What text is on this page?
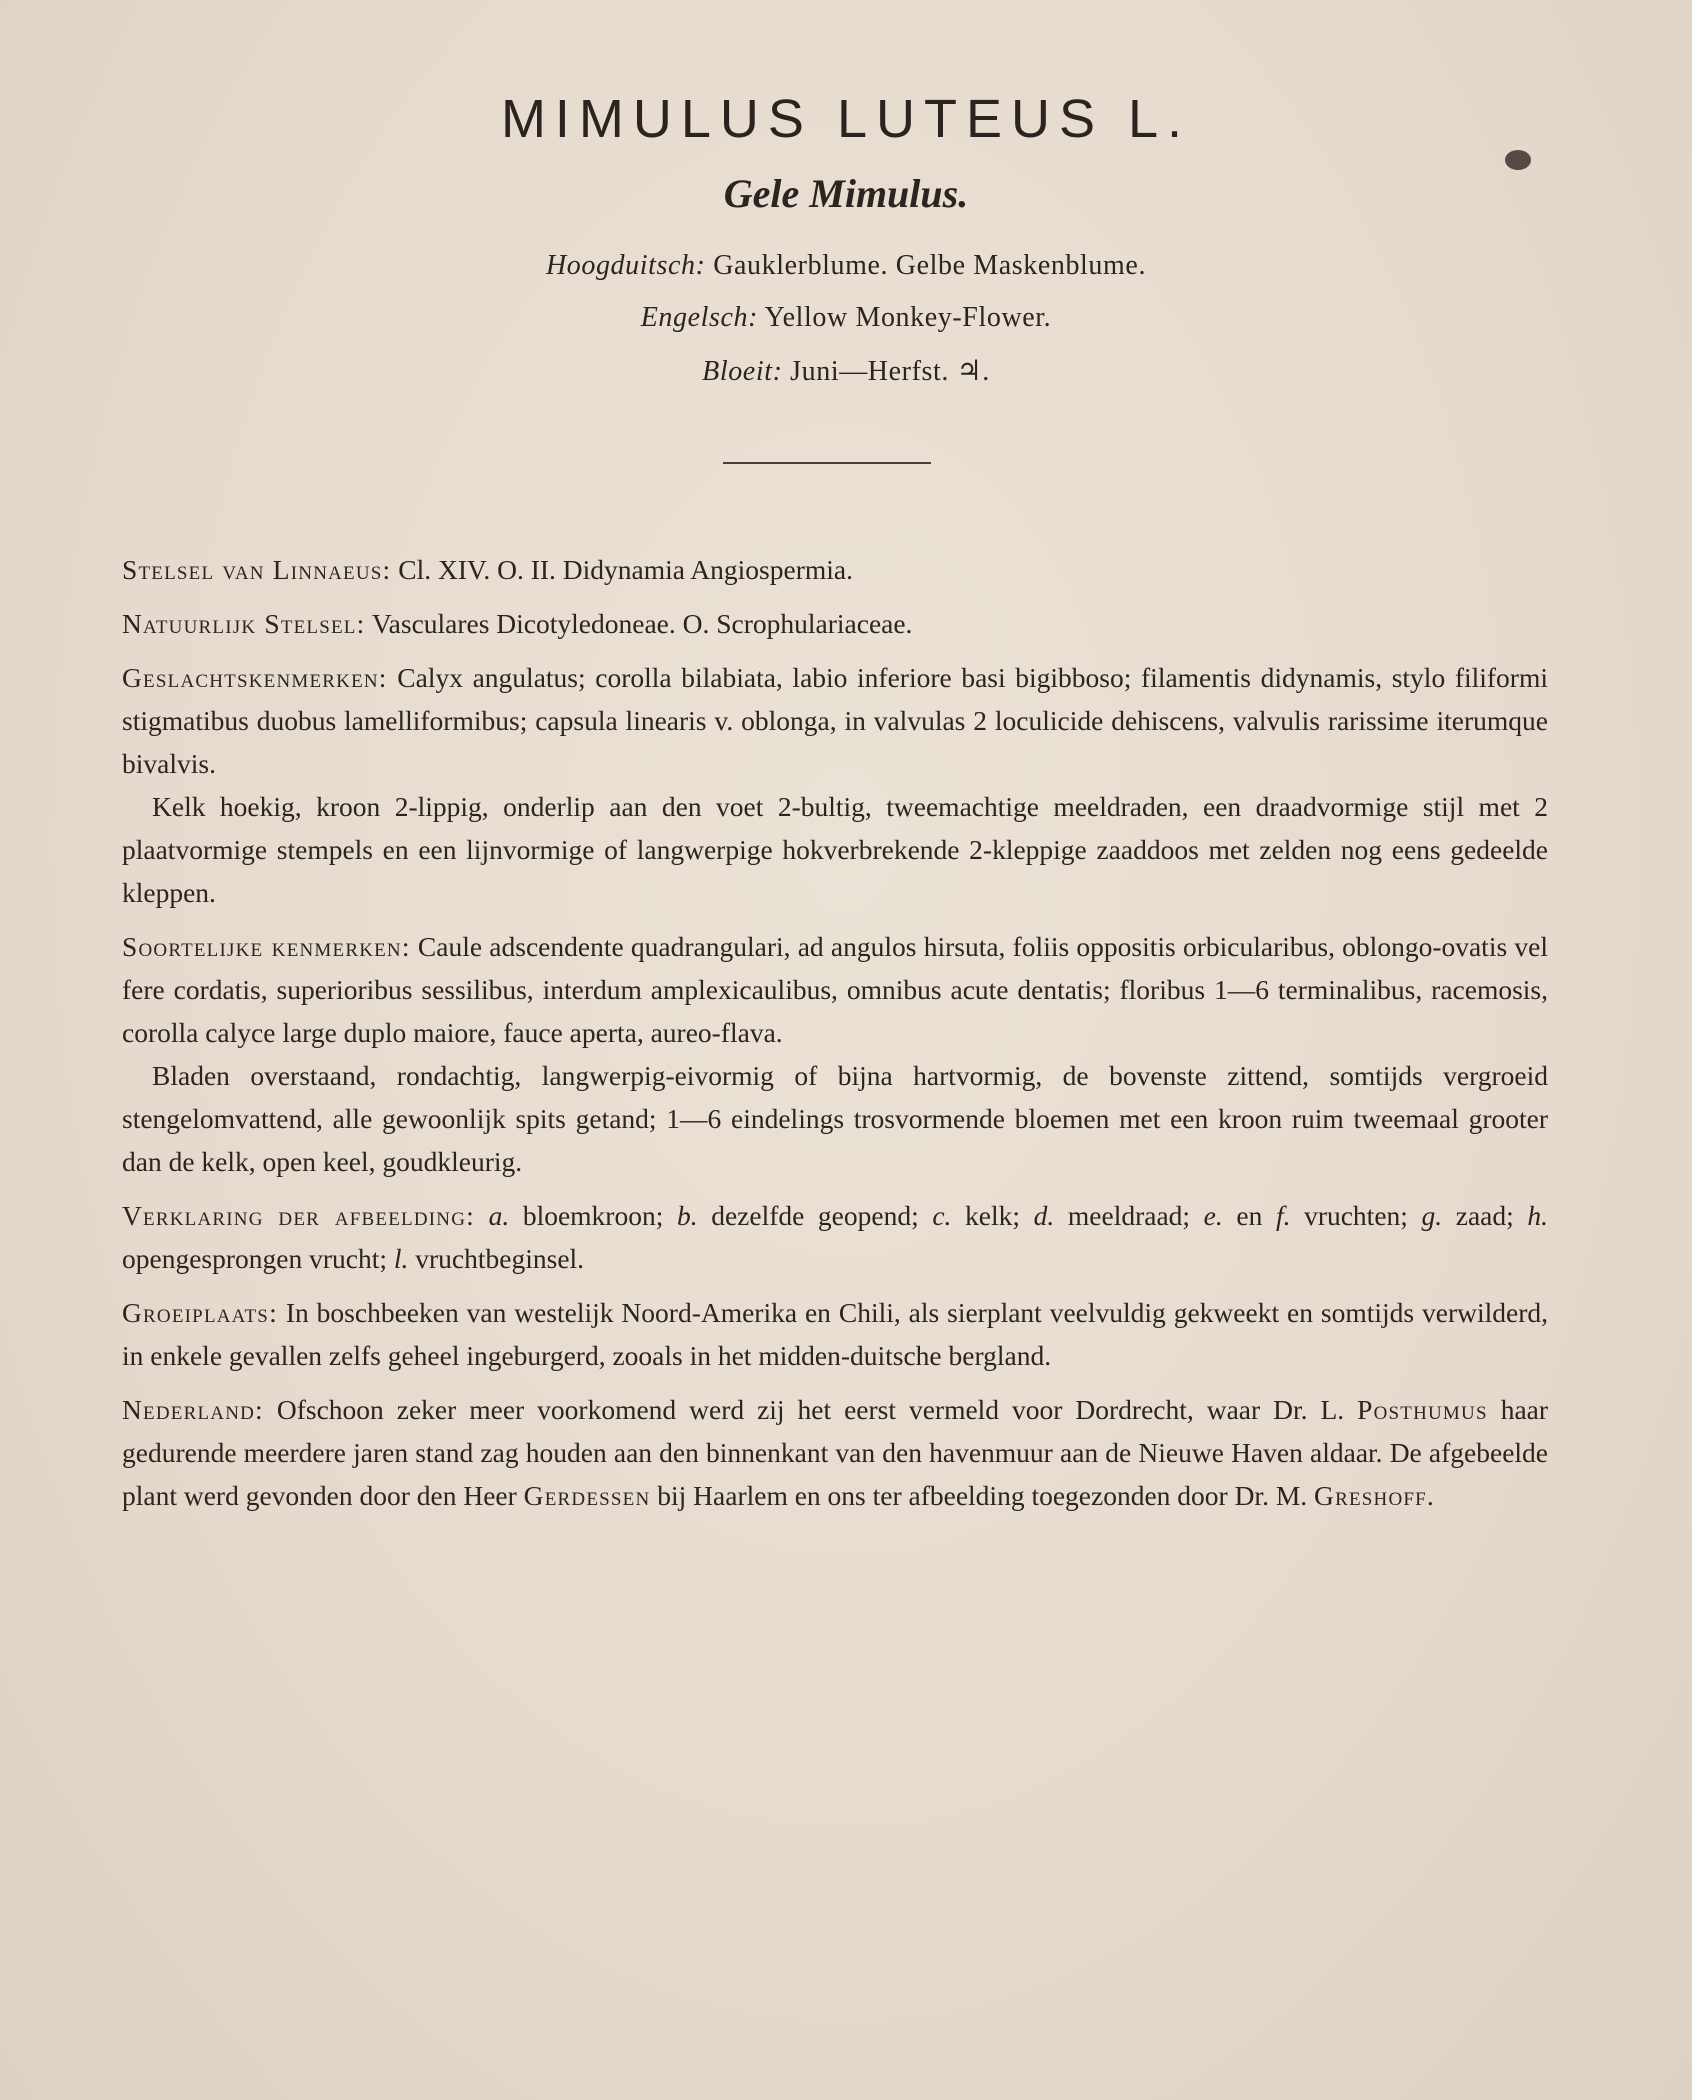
MIMULUS LUTEUS L.
Gele Mimulus.
Hoogduitsch: Gauklerblume. Gelbe Maskenblume.
Engelsch: Yellow Monkey-Flower.
Bloeit: Juni—Herfst. ♃.

Stelsel van Linnaeus: Cl. XIV. O. II. Didynamia Angiospermia.

Natuurlijk Stelsel: Vasculares Dicotyledoneae. O. Scrophulariaceae.

Geslachtskenmerken: Calyx angulatus; corolla bilabiata, labio inferiore basi bigibboso; filamentis didynamis, stylo filiformi stigmatibus duobus lamelliformibus; capsula linearis v. oblonga, in valvulas 2 loculicide dehiscens, valvulis rarissime iterumque bivalvis.

Kelk hoekig, kroon 2-lippig, onderlip aan den voet 2-bultig, tweemachtige meeldraden, een draadvormige stijl met 2 plaatvormige stempels en een lijnvormige of langwerpige hokverbrekende 2-kleppige zaaddoos met zelden nog eens gedeelde kleppen.

Soortelijke kenmerken: Caule adscendente quadrangulari, ad angulos hirsuta, foliis oppositis orbicularibus, oblongo-ovatis vel fere cordatis, superioribus sessilibus, interdum amplexicaulibus, omnibus acute dentatis; floribus 1—6 terminalibus, racemosis, corolla calyce large duplo maiore, fauce aperta, aureo-flava.

Bladen overstaand, rondachtig, langwerpig-eivormig of bijna hartvormig, de bovenste zittend, somtijds vergroeid stengelomvattend, alle gewoonlijk spits getand; 1—6 eindelings trosvormende bloemen met een kroon ruim tweemaal grooter dan de kelk, open keel, goudkleurig.

Verklaring der afbeelding: a. bloemkroon; b. dezelfde geopend; c. kelk; d. meeldraad; e. en f. vruchten; g. zaad; h. opengesprongen vrucht; l. vruchtbeginsel.

Groeiplaats: In boschbeeken van westelijk Noord-Amerika en Chili, als sierplant veelvuldig gekweekt en somtijds verwilderd, in enkele gevallen zelfs geheel ingeburgerd, zooals in het midden-duitsche bergland.

Nederland: Ofschoon zeker meer voorkomend werd zij het eerst vermeld voor Dordrecht, waar Dr. L. Posthumus haar gedurende meerdere jaren stand zag houden aan den binnenkant van den havenmuur aan de Nieuwe Haven aldaar. De afgebeelde plant werd gevonden door den Heer Gerdessen bij Haarlem en ons ter afbeelding toegezonden door Dr. M. Greshoff.
